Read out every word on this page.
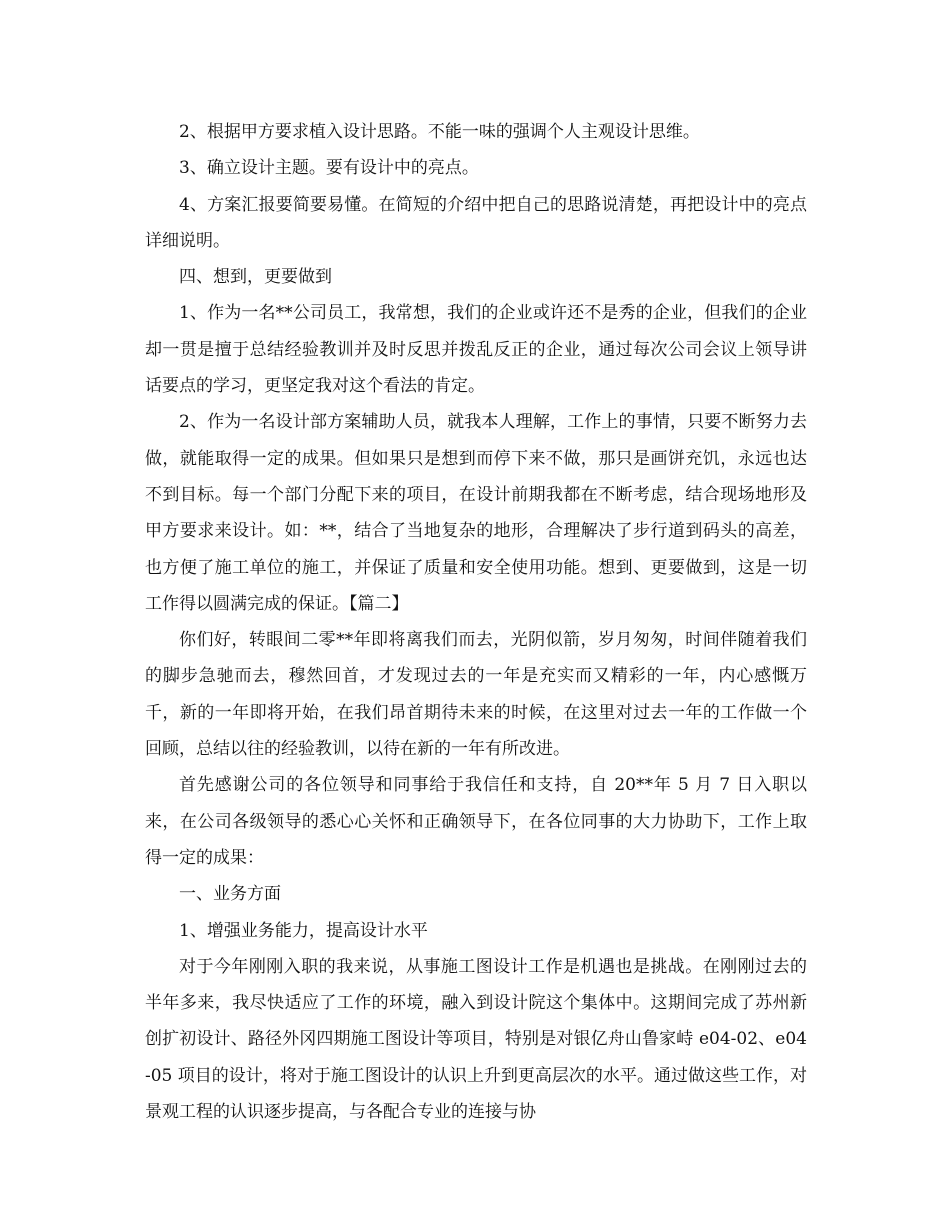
2、根据甲方要求植入设计思路。不能一味的强调个人主观设计思维。

3、确立设计主题。要有设计中的亮点。

4、方案汇报要简要易懂。在简短的介绍中把自己的思路说清楚，再把设计中的亮点详细说明。

四、想到，更要做到

1、作为一名**公司员工，我常想，我们的企业或许还不是秀的企业，但我们的企业却一贯是擅于总结经验教训并及时反思并拨乱反正的企业，通过每次公司会议上领导讲话要点的学习，更坚定我对这个看法的肯定。

2、作为一名设计部方案辅助人员，就我本人理解，工作上的事情，只要不断努力去做，就能取得一定的成果。但如果只是想到而停下来不做，那只是画饼充饥，永远也达不到目标。每一个部门分配下来的项目，在设计前期我都在不断考虑，结合现场地形及甲方要求来设计。如：**，结合了当地复杂的地形，合理解决了步行道到码头的高差，也方便了施工单位的施工，并保证了质量和安全使用功能。想到、更要做到，这是一切工作得以圆满完成的保证。【篇二】

你们好，转眼间二零**年即将离我们而去，光阴似箭，岁月匆匆，时间伴随着我们的脚步急驰而去，穆然回首，才发现过去的一年是充实而又精彩的一年，内心感慨万千，新的一年即将开始，在我们昂首期待未来的时候，在这里对过去一年的工作做一个回顾，总结以往的经验教训，以待在新的一年有所改进。

首先感谢公司的各位领导和同事给于我信任和支持，自 20**年 5 月 7 日入职以来，在公司各级领导的悉心心关怀和正确领导下，在各位同事的大力协助下，工作上取得一定的成果：

一、业务方面

1、增强业务能力，提高设计水平

对于今年刚刚入职的我来说，从事施工图设计工作是机遇也是挑战。在刚刚过去的半年多来，我尽快适应了工作的环境，融入到设计院这个集体中。这期间完成了苏州新创扩初设计、路径外冈四期施工图设计等项目，特别是对银亿舟山鲁家峙 e04-02、e04-05 项目的设计，将对于施工图设计的认识上升到更高层次的水平。通过做这些工作，对景观工程的认识逐步提高，与各配合专业的连接与协
